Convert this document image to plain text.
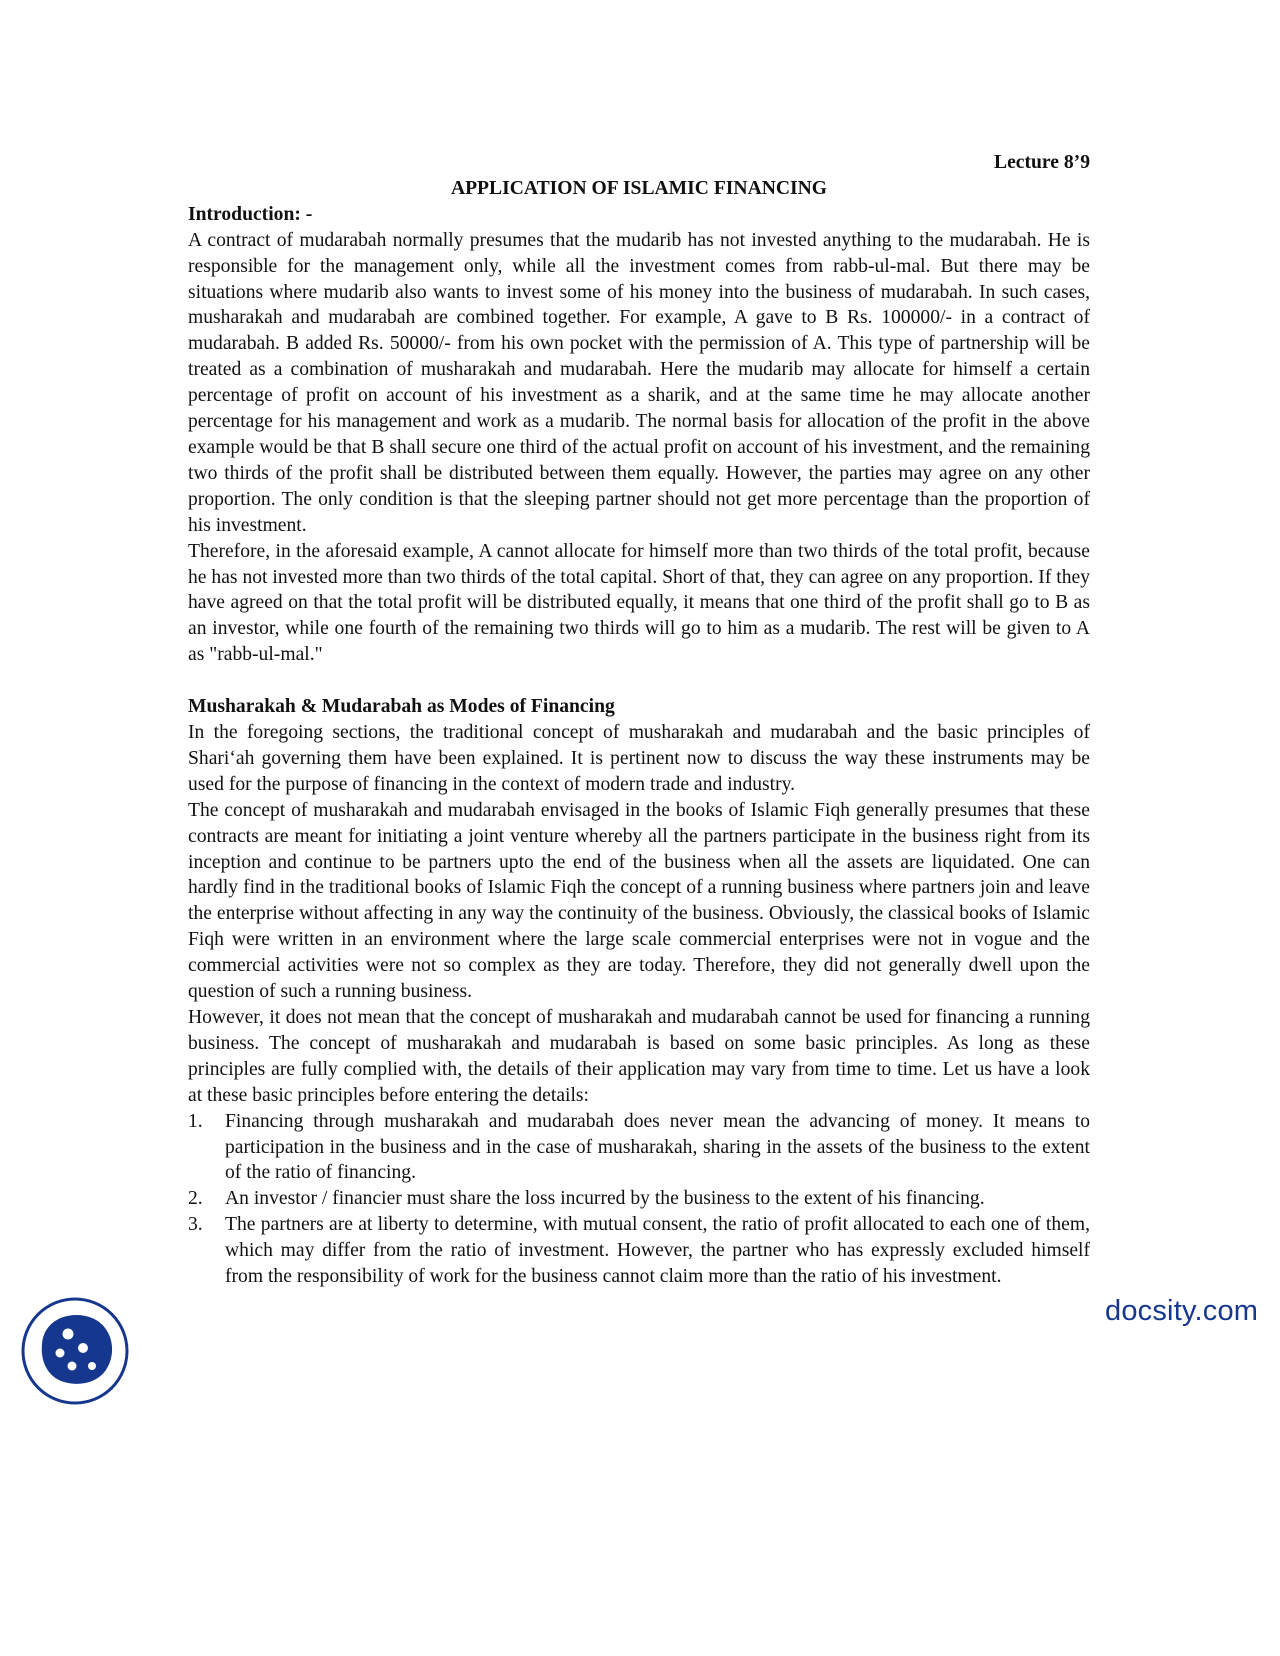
Lecture 8’9
APPLICATION OF ISLAMIC FINANCING
Introduction: -

A contract of mudarabah normally presumes that the mudarib has not invested anything to the mudarabah. He is responsible for the management only, while all the investment comes from rabb-ul-mal. But there may be situations where mudarib also wants to invest some of his money into the business of mudarabah. In such cases, musharakah and mudarabah are combined together. For example, A gave to B Rs. 100000/- in a contract of mudarabah. B added Rs. 50000/- from his own pocket with the permission of A. This type of partnership will be treated as a combination of musharakah and mudarabah. Here the mudarib may allocate for himself a certain percentage of profit on account of his investment as a sharik, and at the same time he may allocate another percentage for his management and work as a mudarib. The normal basis for allocation of the profit in the above example would be that B shall secure one third of the actual profit on account of his investment, and the remaining two thirds of the profit shall be distributed between them equally. However, the parties may agree on any other proportion. The only condition is that the sleeping partner should not get more percentage than the proportion of his investment.

Therefore, in the aforesaid example, A cannot allocate for himself more than two thirds of the total profit, because he has not invested more than two thirds of the total capital. Short of that, they can agree on any proportion. If they have agreed on that the total profit will be distributed equally, it means that one third of the profit shall go to B as an investor, while one fourth of the remaining two thirds will go to him as a mudarib. The rest will be given to A as "rabb-ul-mal."

Musharakah & Mudarabah as Modes of Financing

In the foregoing sections, the traditional concept of musharakah and mudarabah and the basic principles of Shari‘ah governing them have been explained. It is pertinent now to discuss the way these instruments may be used for the purpose of financing in the context of modern trade and industry.

The concept of musharakah and mudarabah envisaged in the books of Islamic Fiqh generally presumes that these contracts are meant for initiating a joint venture whereby all the partners participate in the business right from its inception and continue to be partners upto the end of the business when all the assets are liquidated. One can hardly find in the traditional books of Islamic Fiqh the concept of a running business where partners join and leave the enterprise without affecting in any way the continuity of the business. Obviously, the classical books of Islamic Fiqh were written in an environment where the large scale commercial enterprises were not in vogue and the commercial activities were not so complex as they are today. Therefore, they did not generally dwell upon the question of such a running business.

However, it does not mean that the concept of musharakah and mudarabah cannot be used for financing a running business. The concept of musharakah and mudarabah is based on some basic principles. As long as these principles are fully complied with, the details of their application may vary from time to time. Let us have a look at these basic principles before entering the details:

1. Financing through musharakah and mudarabah does never mean the advancing of money. It means to participation in the business and in the case of musharakah, sharing in the assets of the business to the extent of the ratio of financing.
2. An investor / financier must share the loss incurred by the business to the extent of his financing.
3. The partners are at liberty to determine, with mutual consent, the ratio of profit allocated to each one of them, which may differ from the ratio of investment. However, the partner who has expressly excluded himself from the responsibility of work for the business cannot claim more than the ratio of his investment.
docsity.com
